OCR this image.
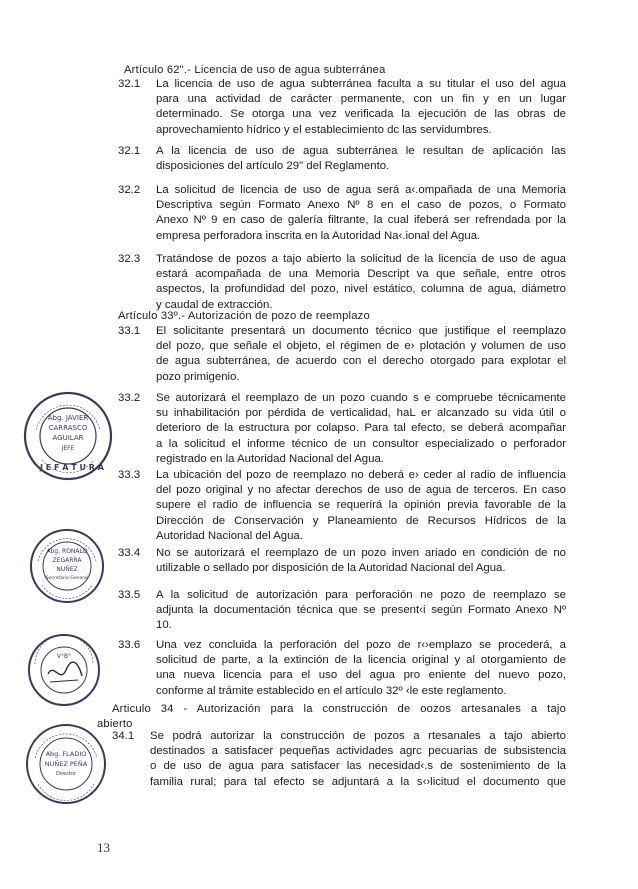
Artículo 62".- Licencia de uso de agua subterránea
32.1 La licencia de uso de agua subterránea faculta a su titular el uso del agua
para una actividad de carácter permanente, con un fin y en un lugar
determinado. Se otorga una vez verificada la ejecución de las obras de
aprovechamiento hídrico y el establecimiento dc las servidumbres.
32.1 A la licencia de uso de agua subterránea le resultan de aplicación las
disposiciones del artículo 29" del Reglamento.
32.2 La solicitud de licencia de uso de agua será a‹.ompañada de una Memoria
Descriptiva según Formato Anexo Nº 8 en el caso de pozos, o Formato
Anexo Nº 9 en caso de galería filtrante, la cual ifeberá ser refrendada por la
empresa perforadora inscrita en la Autoridad Na‹.ional del Agua.
32.3 Tratándose de pozos a tajo abierto la solicitud de la licencia de uso de agua
estará acompañada de una Memoria Descript va que señale, entre otros
aspectos, la profundidad del pozo, nivel estático, columna de agua, diámetro
y caudal de extracción.
Artículo 33º.- Autorización de pozo de reemplazo
33.1 El solicitante presentará un documento técnico que justifique el reemplazo
del pozo, que señale el objeto, el régimen de e› plotación y volumen de uso
de agua subterránea, de acuerdo con el derecho otorgado para explotar el
pozo primigenio.
33.2 Se autorizará el reemplazo de un pozo cuando s e compruebe técnicamente
su inhabilitación por pérdida de verticalidad, haL er alcanzado su vida útil o
deterioro de la estructura por colapso. Para tal efecto, se deberá acompañar
a la solicitud el informe técnico de un consultor especializado o perforador
registrado en la Autoridad Nacional del Agua.
33.3 La ubicación del pozo de reemplazo no deberá e› ceder al radio de influencia
del pozo original y no afectar derechos de uso de agua de terceros. En caso
supere el radio de influencia se requerirá la opinión previa favorable de la
Dirección de Conservación y Planeamiento de Recursos Hídricos de la
Autoridad Nacional del Agua.
33.4 No se autorizará el reemplazo de un pozo inven ariado en condición de no
utilizable o sellado por disposición de la Autoridad Nacional del Agua.
33.5 A la solicitud de autorización para perforación ne pozo de reemplazo se
adjunta la documentación técnica que se present‹i según Formato Anexo Nº
10.
33.6 Una vez concluida la perforación del pozo de r‹›emplazo se procederá, a
solicitud de parte, a la extinción de la licencia original y al otorgamiento de
una nueva licencia para el uso del agua pro eniente del nuevo pozo,
conforme al trámite establecido en el artículo 32º ‹le este reglamento.
Articulo 34 - Autorización para la construcción de oozos artesanales a tajo
abierto
34.1 Se podrá autorizar la construcción de pozos a rtesanales a tajo abierto
destinados a satisfacer pequeñas actividades agrc pecuarias de subsistencia
o de uso de agua para satisfacer las necesidad‹.s de sostenimiento de la
familia rural; para tal efecto se adjuntará a la s‹›licitud el documento que
13
Abg. JAVIER
CARRASCO
AGUILAR
JEFE
J E F A T U R A
Abg. RONALD
ZEGARRA
NUÑEZ
Secretario General
V°B°
Abg. FLADIO
NUÑEZ PEÑA
Director
